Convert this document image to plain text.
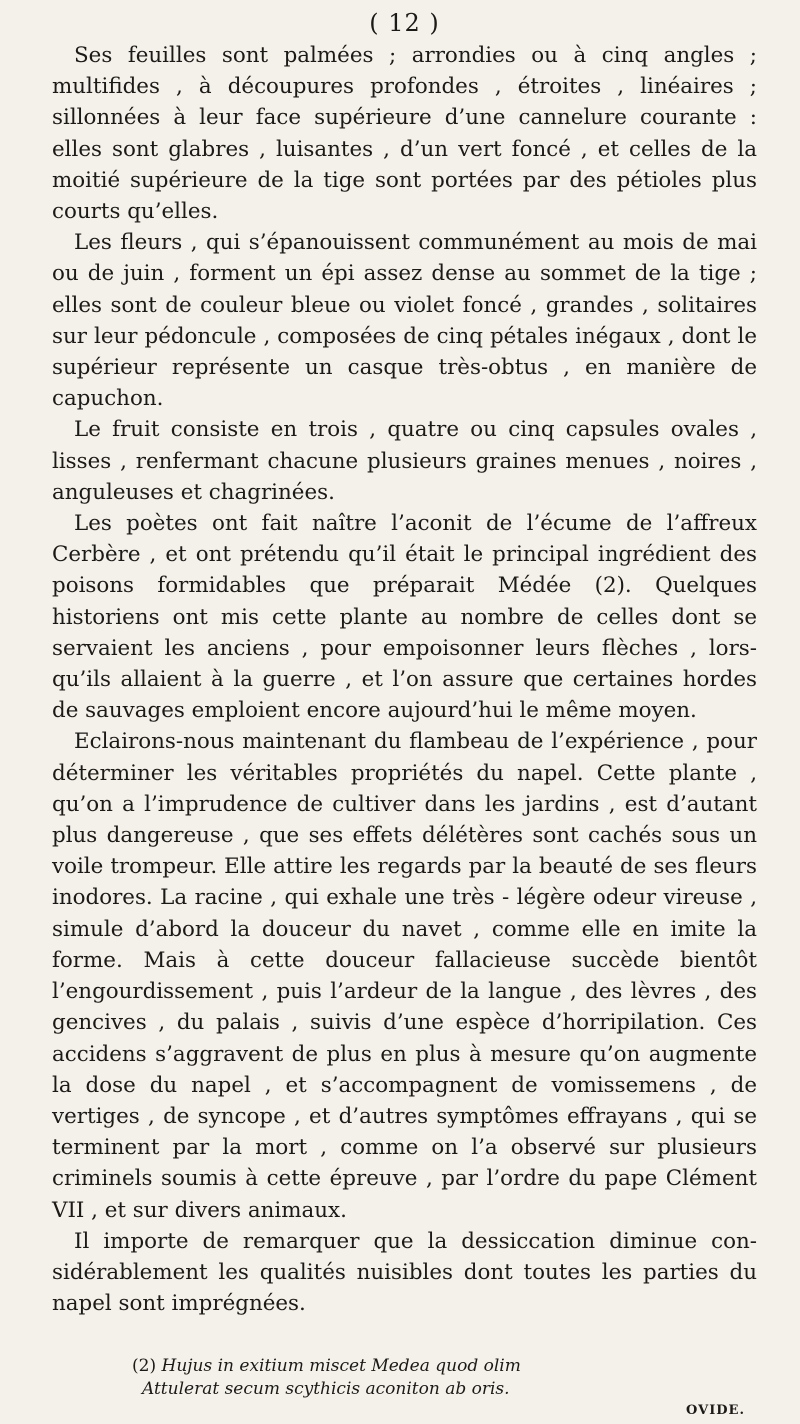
( 12 )

Ses feuilles sont palmées ; arrondies ou à cinq angles ; multifides , à découpures profondes , étroites , linéaires ; sillonnées à leur face supérieure d’une cannelure courante : elles sont glabres , luisantes , d’un vert foncé , et celles de la moitié supérieure de la tige sont portées par des pétioles plus courts qu’elles.

Les fleurs , qui s’épanouissent communément au mois de mai ou de juin , forment un épi assez dense au sommet de la tige ; elles sont de couleur bleue ou violet foncé , grandes , solitaires sur leur pédoncule , composées de cinq pétales inégaux , dont le supérieur représente un casque très-obtus , en manière de capuchon.

Le fruit consiste en trois , quatre ou cinq capsules ovales , lisses , renfermant chacune plusieurs graines menues , noires , anguleuses et chagrinées.

Les poètes ont fait naître l’aconit de l’écume de l’affreux Cerbère , et ont prétendu qu’il était le principal ingrédient des poisons formidables que préparait Médée (2). Quelques historiens ont mis cette plante au nombre de celles dont se servaient les anciens , pour empoisonner leurs flèches , lors-qu’ils allaient à la guerre , et l’on assure que certaines hordes de sauvages emploient encore aujourd’hui le même moyen.

Eclairons-nous maintenant du flambeau de l’expérience , pour déterminer les véritables propriétés du napel. Cette plante , qu’on a l’imprudence de cultiver dans les jardins , est d’autant plus dangereuse , que ses effets délétères sont cachés sous un voile trompeur. Elle attire les regards par la beauté de ses fleurs inodores. La racine , qui exhale une très - légère odeur vireuse , simule d’abord la douceur du navet , comme elle en imite la forme. Mais à cette douceur fallacieuse succède bientôt l’engourdissement , puis l’ardeur de la langue , des lèvres , des gencives , du palais , suivis d’une espèce d’horripilation. Ces accidens s’aggravent de plus en plus à mesure qu’on augmente la dose du napel , et s’accompagnent de vomissemens , de vertiges , de syncope , et d’autres symptômes effrayans , qui se terminent par la mort , comme on l’a observé sur plusieurs criminels soumis à cette épreuve , par l’ordre du pape Clément VII , et sur divers animaux.

Il importe de remarquer que la dessiccation diminue con-sidérablement les qualités nuisibles dont toutes les parties du napel sont imprégnées.

(2) Hujus in exitium miscet Medea quod olim
Attulerat secum scythicis aconiton ab oris.
OVIDE.
